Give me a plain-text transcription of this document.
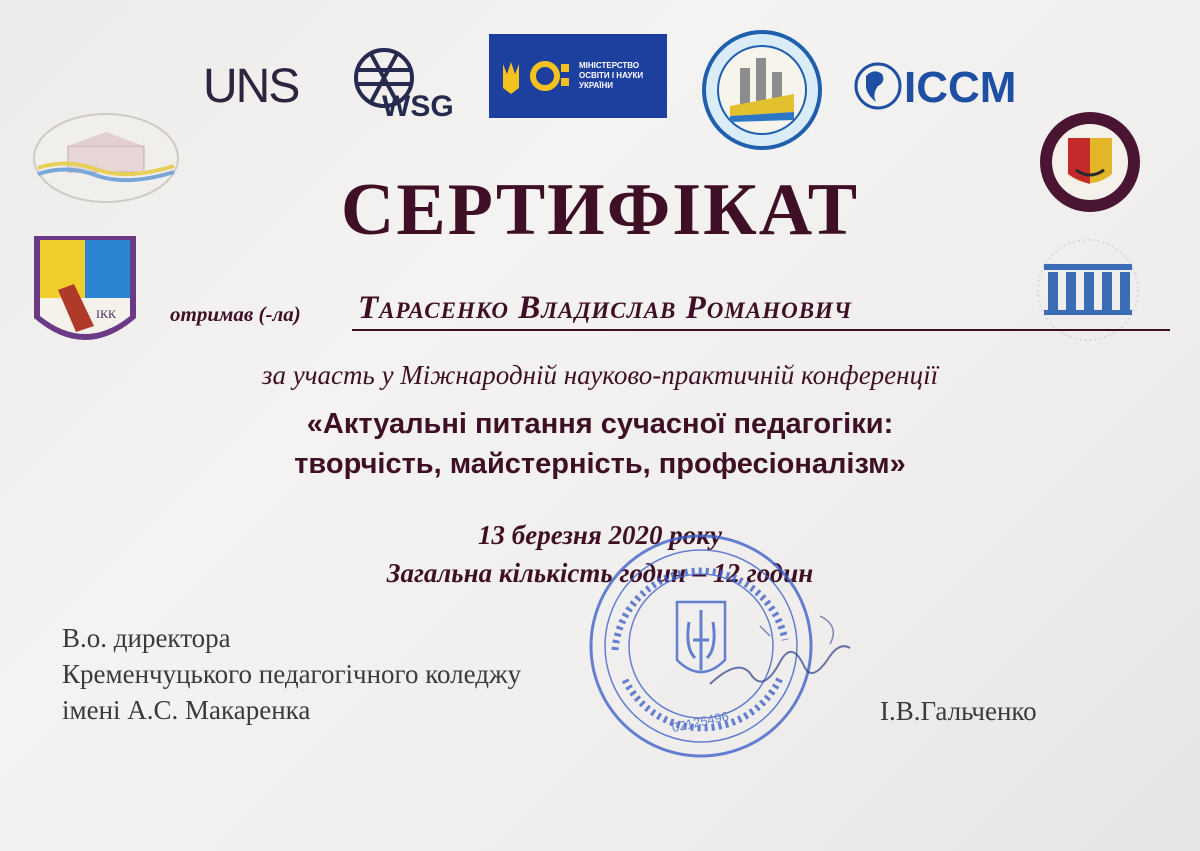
UNS	WSG
МІНІСТЕРСТВО
ОСВІТИ І НАУКИ
УКРАЇНИ	ICCM
ІКК
СЕРТИФІКАТ
отримав (-ла) Тарасенко Владислав Романович
за участь у Міжнародній науково-практичній конференції
«Актуальні питання сучасної педагогіки:
творчість, майстерність, професіоналізм»
13 березня 2020 року
Загальна кількість годин – 12 годин
В.о. директора
Кременчуцького педагогічного коледжу
імені А.С. Макаренка	І.В.Гальченко
02125496
